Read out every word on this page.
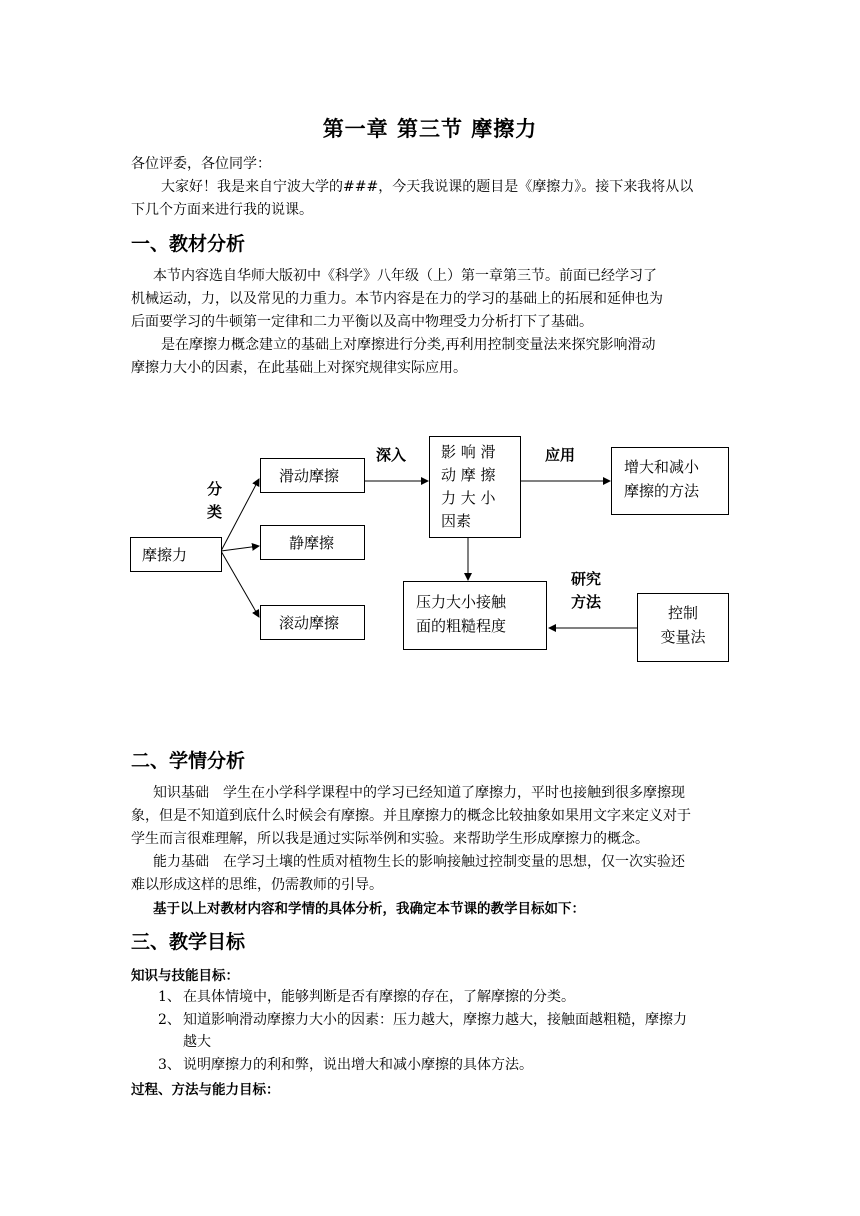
第一章 第三节 摩擦力
各位评委，各位同学：
大家好！我是来自宁波大学的###，今天我说课的题目是《摩擦力》。接下来我将从以
下几个方面来进行我的说课。
一、教材分析
本节内容选自华师大版初中《科学》八年级（上）第一章第三节。前面已经学习了
机械运动，力，以及常见的力重力。本节内容是在力的学习的基础上的拓展和延伸也为
后面要学习的牛顿第一定律和二力平衡以及高中物理受力分析打下了基础。
是在摩擦力概念建立的基础上对摩擦进行分类,再利用控制变量法来探究影响滑动
摩擦力大小的因素，在此基础上对探究规律实际应用。
摩擦力
分
类
滑动摩擦
静摩擦
滚动摩擦
深入 影 响 滑
动 摩 擦
力 大 小
因素
应用
增大和减小
摩擦的方法
压力大小接触
面的粗糙程度
研究
方法
控制
变量法
二、学情分析
知识基础　学生在小学科学课程中的学习已经知道了摩擦力，平时也接触到很多摩擦现
象，但是不知道到底什么时候会有摩擦。并且摩擦力的概念比较抽象如果用文字来定义对于
学生而言很难理解，所以我是通过实际举例和实验。来帮助学生形成摩擦力的概念。
能力基础　在学习土壤的性质对植物生长的影响接触过控制变量的思想，仅一次实验还
难以形成这样的思维，仍需教师的引导。
基于以上对教材内容和学情的具体分析，我确定本节课的教学目标如下：
三、教学目标
知识与技能目标：
1、 在具体情境中，能够判断是否有摩擦的存在，了解摩擦的分类。
2、 知道影响滑动摩擦力大小的因素：压力越大，摩擦力越大，接触面越粗糙，摩擦力
越大
3、 说明摩擦力的利和弊，说出增大和减小摩擦的具体方法。
过程、方法与能力目标：
